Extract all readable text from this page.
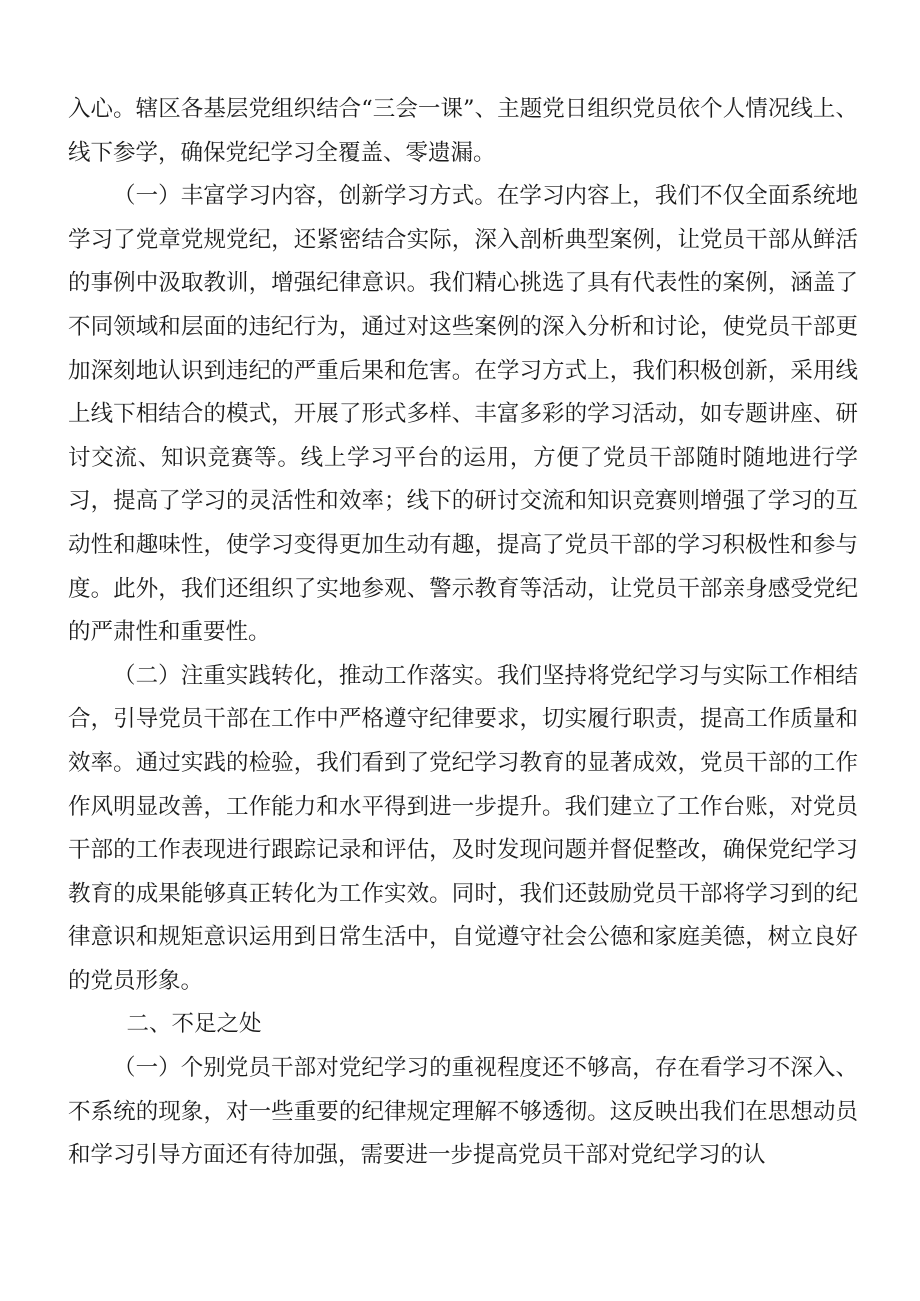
入心。辖区各基层党组织结合“三会一课”、主题党日组织党员依个人情况线上、线下参学，确保党纪学习全覆盖、零遗漏。

（一）丰富学习内容，创新学习方式。在学习内容上，我们不仅全面系统地学习了党章党规党纪，还紧密结合实际，深入剖析典型案例，让党员干部从鲜活的事例中汲取教训，增强纪律意识。我们精心挑选了具有代表性的案例，涵盖了不同领域和层面的违纪行为，通过对这些案例的深入分析和讨论，使党员干部更加深刻地认识到违纪的严重后果和危害。在学习方式上，我们积极创新，采用线上线下相结合的模式，开展了形式多样、丰富多彩的学习活动，如专题讲座、研讨交流、知识竞赛等。线上学习平台的运用，方便了党员干部随时随地进行学习，提高了学习的灵活性和效率；线下的研讨交流和知识竞赛则增强了学习的互动性和趣味性，使学习变得更加生动有趣，提高了党员干部的学习积极性和参与度。此外，我们还组织了实地参观、警示教育等活动，让党员干部亲身感受党纪的严肃性和重要性。

（二）注重实践转化，推动工作落实。我们坚持将党纪学习与实际工作相结合，引导党员干部在工作中严格遵守纪律要求，切实履行职责，提高工作质量和效率。通过实践的检验，我们看到了党纪学习教育的显著成效，党员干部的工作作风明显改善，工作能力和水平得到进一步提升。我们建立了工作台账，对党员干部的工作表现进行跟踪记录和评估，及时发现问题并督促整改，确保党纪学习教育的成果能够真正转化为工作实效。同时，我们还鼓励党员干部将学习到的纪律意识和规矩意识运用到日常生活中，自觉遵守社会公德和家庭美德，树立良好的党员形象。

二、不足之处

（一）个别党员干部对党纪学习的重视程度还不够高，存在看学习不深入、不系统的现象，对一些重要的纪律规定理解不够透彻。这反映出我们在思想动员和学习引导方面还有待加强，需要进一步提高党员干部对党纪学习的认
